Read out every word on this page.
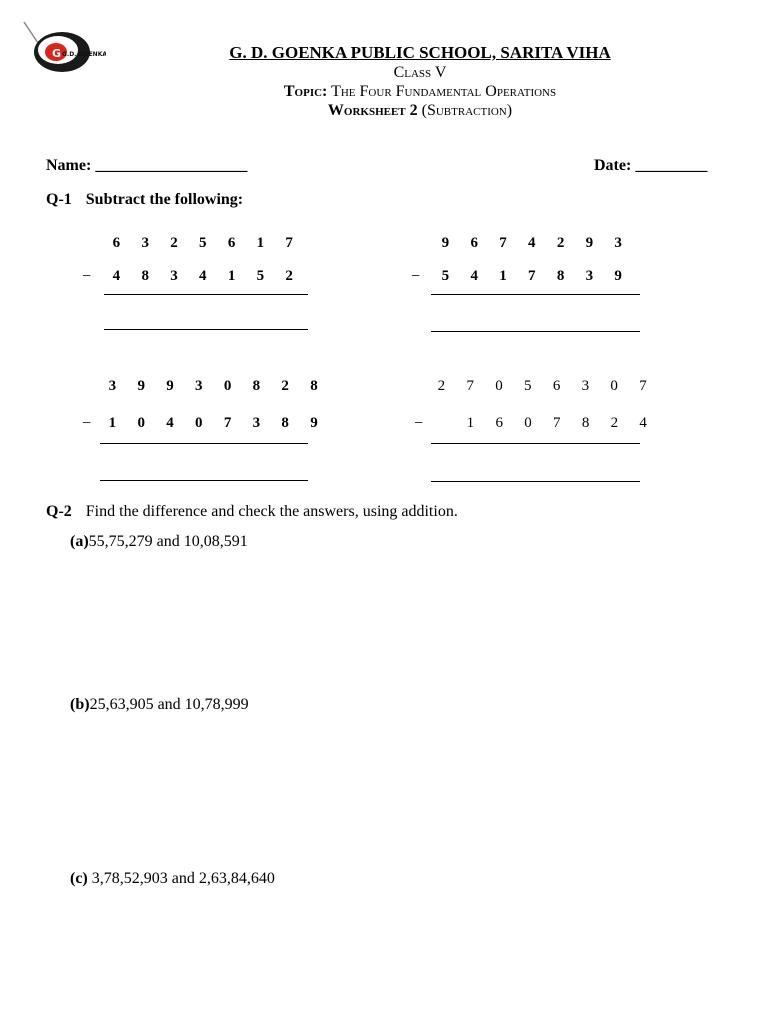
G G.D. GOENKA	G. D. GOENKA PUBLIC SCHOOL, SARITA VIHA
Class V
Topic: The Four Fundamental Operations
Worksheet 2 (Subtraction)
Name: ___________________	Date: _________
Q-1 Subtract the following:
6 3 2 5 6 1 7
−	4 8 3 4 1 5 2
9 6 7 4 2 9 3
−	5 4 1 7 8 3 9
3 9 9 3 0 8 2 8
−	1 0 4 0 7 3 8 9
2 7 0 5 6 3 0 7
−	1 6 0 7 8 2 4
Q-2 Find the difference and check the answers, using addition.
(a)55,75,279 and 10,08,591
(b)25,63,905 and 10,78,999
(c) 3,78,52,903 and 2,63,84,640
